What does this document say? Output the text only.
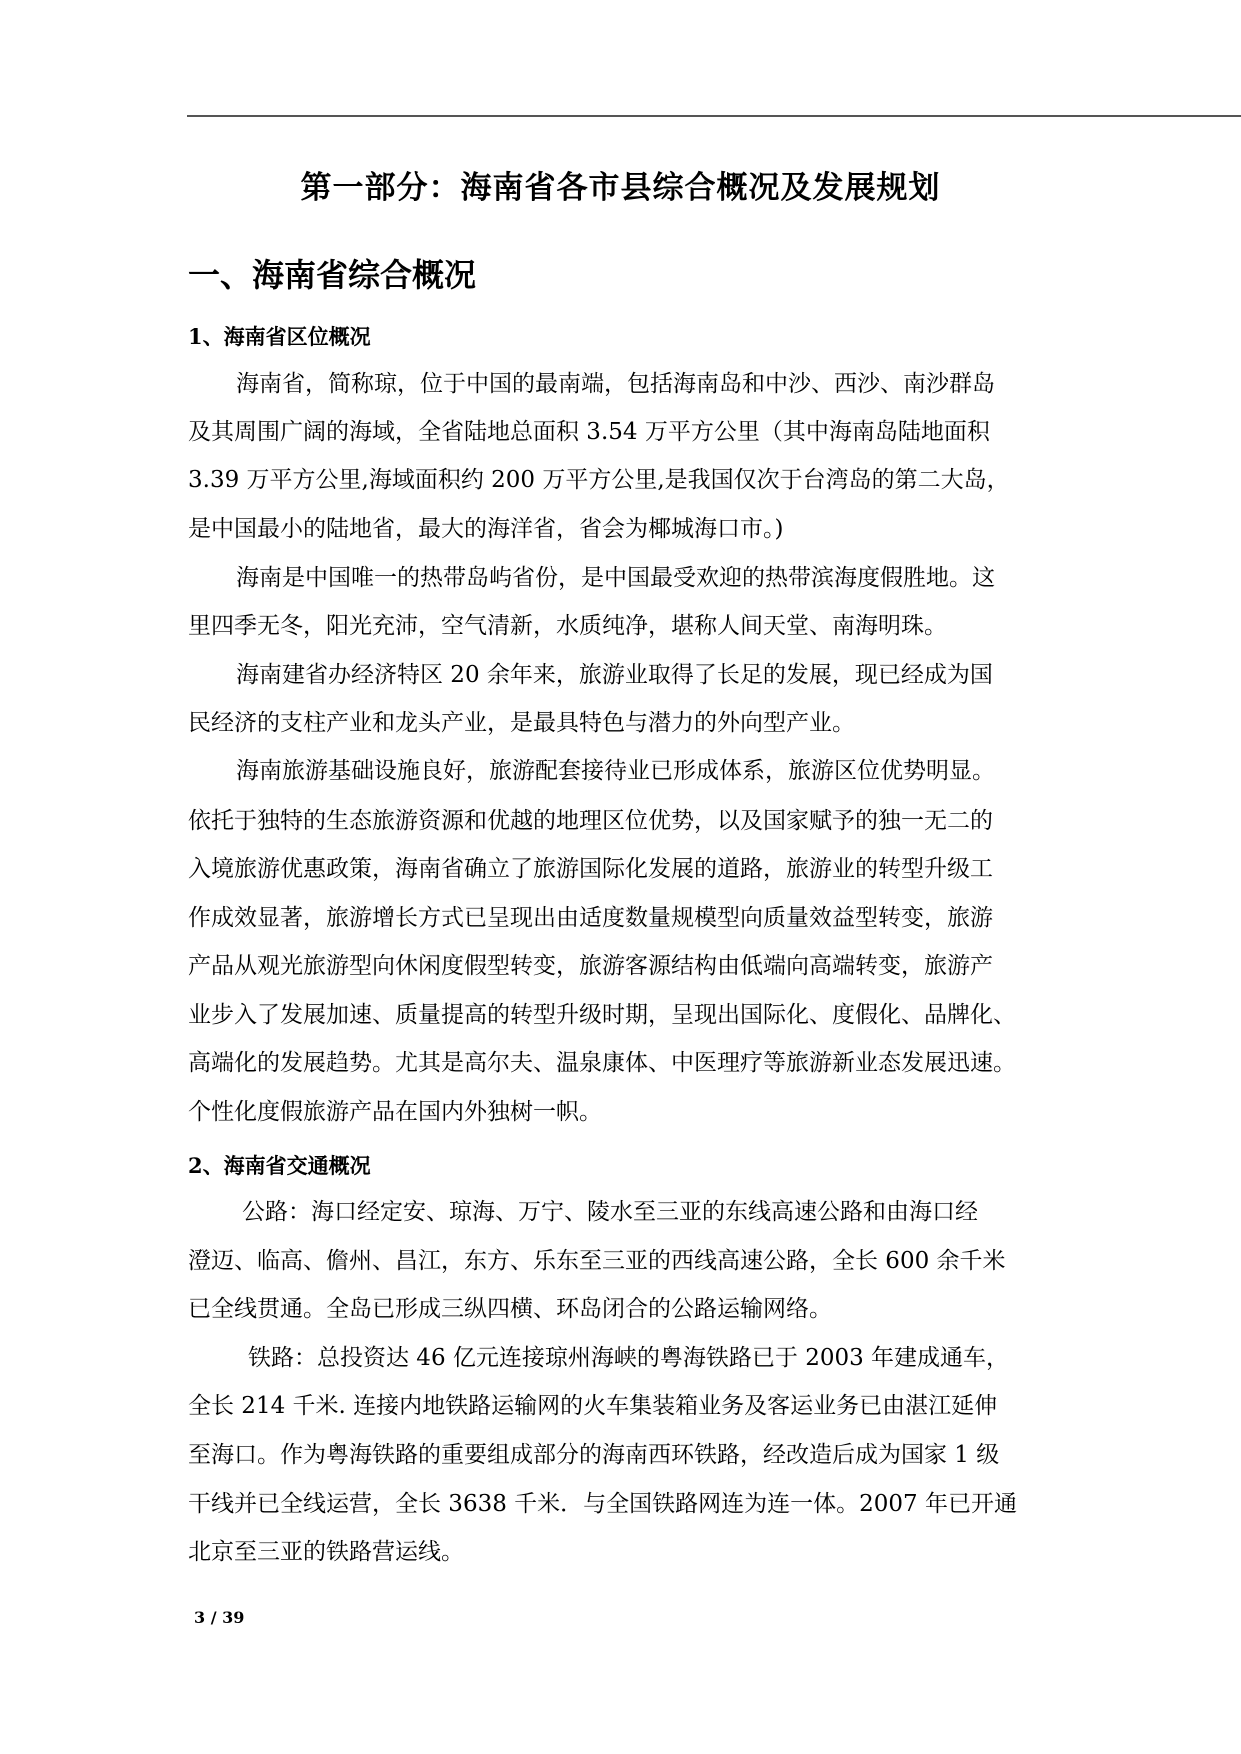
第一部分：海南省各市县综合概况及发展规划
一、海南省综合概况
1、海南省区位概况
海南省，简称琼，位于中国的最南端，包括海南岛和中沙、西沙、南沙群岛
及其周围广阔的海域，全省陆地总面积 3.54 万平方公里（其中海南岛陆地面积
3.39 万平方公里,海域面积约 200 万平方公里,是我国仅次于台湾岛的第二大岛，
是中国最小的陆地省，最大的海洋省，省会为椰城海口市。)
海南是中国唯一的热带岛屿省份，是中国最受欢迎的热带滨海度假胜地。这
里四季无冬，阳光充沛，空气清新，水质纯净，堪称人间天堂、南海明珠。
海南建省办经济特区 20 余年来，旅游业取得了长足的发展，现已经成为国
民经济的支柱产业和龙头产业，是最具特色与潜力的外向型产业。
海南旅游基础设施良好，旅游配套接待业已形成体系，旅游区位优势明显。
依托于独特的生态旅游资源和优越的地理区位优势，以及国家赋予的独一无二的
入境旅游优惠政策，海南省确立了旅游国际化发展的道路，旅游业的转型升级工
作成效显著，旅游增长方式已呈现出由适度数量规模型向质量效益型转变，旅游
产品从观光旅游型向休闲度假型转变，旅游客源结构由低端向高端转变，旅游产
业步入了发展加速、质量提高的转型升级时期，呈现出国际化、度假化、品牌化、
高端化的发展趋势。尤其是高尔夫、温泉康体、中医理疗等旅游新业态发展迅速。
个性化度假旅游产品在国内外独树一帜。
2、海南省交通概况
公路：海口经定安、琼海、万宁、陵水至三亚的东线高速公路和由海口经
澄迈、临高、儋州、昌江，东方、乐东至三亚的西线高速公路，全长 600 余千米
已全线贯通。全岛已形成三纵四横、环岛闭合的公路运输网络。
铁路：总投资达 46 亿元连接琼州海峡的粤海铁路已于 2003 年建成通车，
全长 214 千米. 连接内地铁路运输网的火车集装箱业务及客运业务已由湛江延伸
至海口。作为粤海铁路的重要组成部分的海南西环铁路，经改造后成为国家 1 级
干线并已全线运营，全长 3638 千米．与全国铁路网连为连一体。2007 年已开通
北京至三亚的铁路营运线。
3 / 39
